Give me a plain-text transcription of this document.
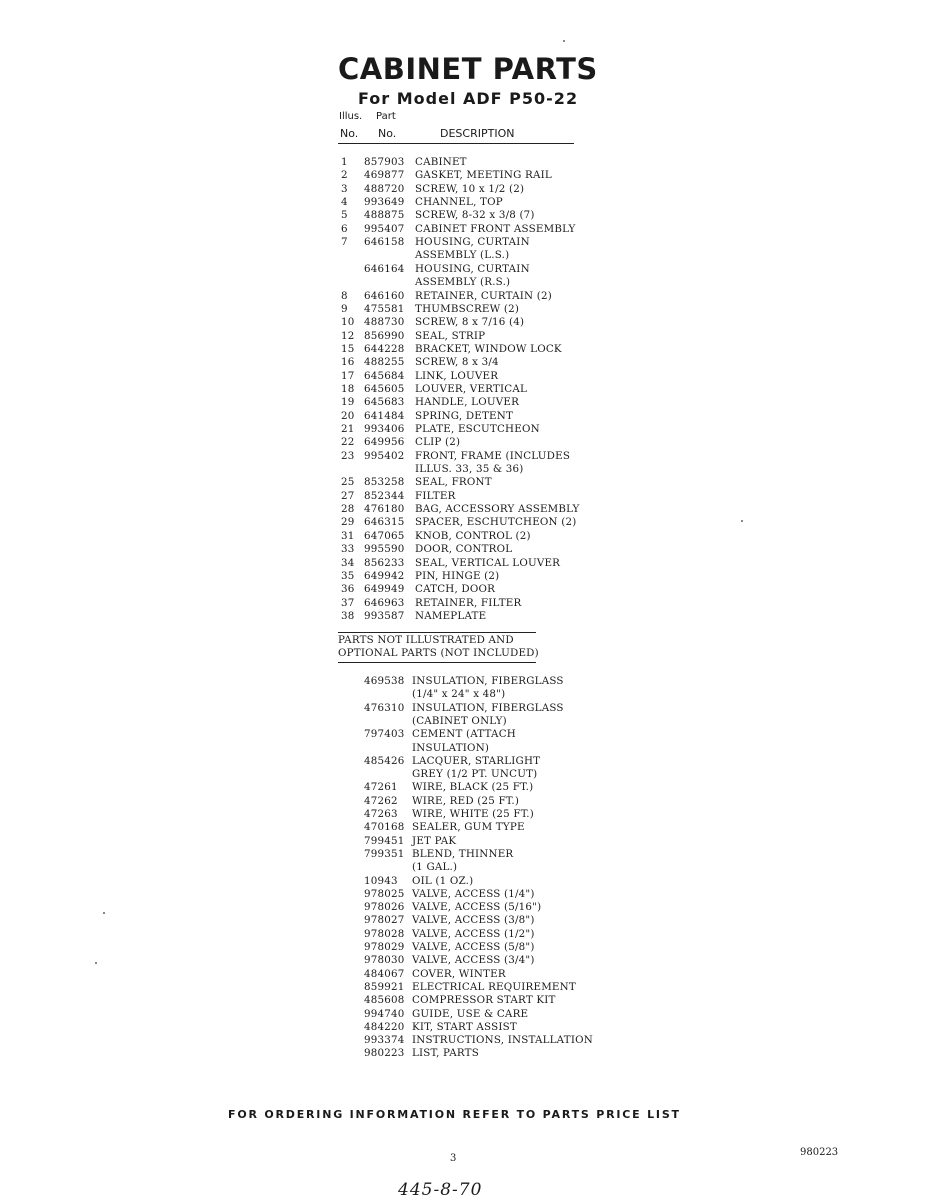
CABINET PARTS
For Model ADF P50-22
Illus. Part
No. No.	DESCRIPTION
1 857903 CABINET
2 469877 GASKET, MEETING RAIL
3 488720 SCREW, 10 x 1/2 (2)
4 993649 CHANNEL, TOP
5 488875 SCREW, 8-32 x 3/8 (7)
6 995407 CABINET FRONT ASSEMBLY
7 646158 HOUSING, CURTAIN
ASSEMBLY (L.S.)
646164 HOUSING, CURTAIN
ASSEMBLY (R.S.)
8 646160 RETAINER, CURTAIN (2)
9 475581 THUMBSCREW (2)
10 488730 SCREW, 8 x 7/16 (4)
12 856990 SEAL, STRIP
15 644228 BRACKET, WINDOW LOCK
16 488255 SCREW, 8 x 3/4
17 645684 LINK, LOUVER
18 645605 LOUVER, VERTICAL
19 645683 HANDLE, LOUVER
20 641484 SPRING, DETENT
21 993406 PLATE, ESCUTCHEON
22 649956 CLIP (2)
23 995402 FRONT, FRAME (INCLUDES
ILLUS. 33, 35 & 36)
25 853258 SEAL, FRONT
27 852344 FILTER
28 476180 BAG, ACCESSORY ASSEMBLY
29 646315 SPACER, ESCHUTCHEON (2)
31 647065 KNOB, CONTROL (2)
33 995590 DOOR, CONTROL
34 856233 SEAL, VERTICAL LOUVER
35 649942 PIN, HINGE (2)
36 649949 CATCH, DOOR
37 646963 RETAINER, FILTER
38 993587 NAMEPLATE
PARTS NOT ILLUSTRATED AND
OPTIONAL PARTS (NOT INCLUDED)
469538 INSULATION, FIBERGLASS
(1/4" x 24" x 48")
476310 INSULATION, FIBERGLASS
(CABINET ONLY)
797403 CEMENT (ATTACH
INSULATION)
485426 LACQUER, STARLIGHT
GREY (1/2 PT. UNCUT)
47261 WIRE, BLACK (25 FT.)
47262 WIRE, RED (25 FT.)
47263 WIRE, WHITE (25 FT.)
470168 SEALER, GUM TYPE
799451 JET PAK
799351 BLEND, THINNER
(1 GAL.)
10943 OIL (1 OZ.)
978025 VALVE, ACCESS (1/4")
978026 VALVE, ACCESS (5/16")
978027 VALVE, ACCESS (3/8")
978028 VALVE, ACCESS (1/2")
978029 VALVE, ACCESS (5/8")
978030 VALVE, ACCESS (3/4")
484067 COVER, WINTER
859921 ELECTRICAL REQUIREMENT
485608 COMPRESSOR START KIT
994740 GUIDE, USE & CARE
484220 KIT, START ASSIST
993374 INSTRUCTIONS, INSTALLATION
980223 LIST, PARTS
FOR ORDERING INFORMATION REFER TO PARTS PRICE LIST
3
980223
445-8-70
